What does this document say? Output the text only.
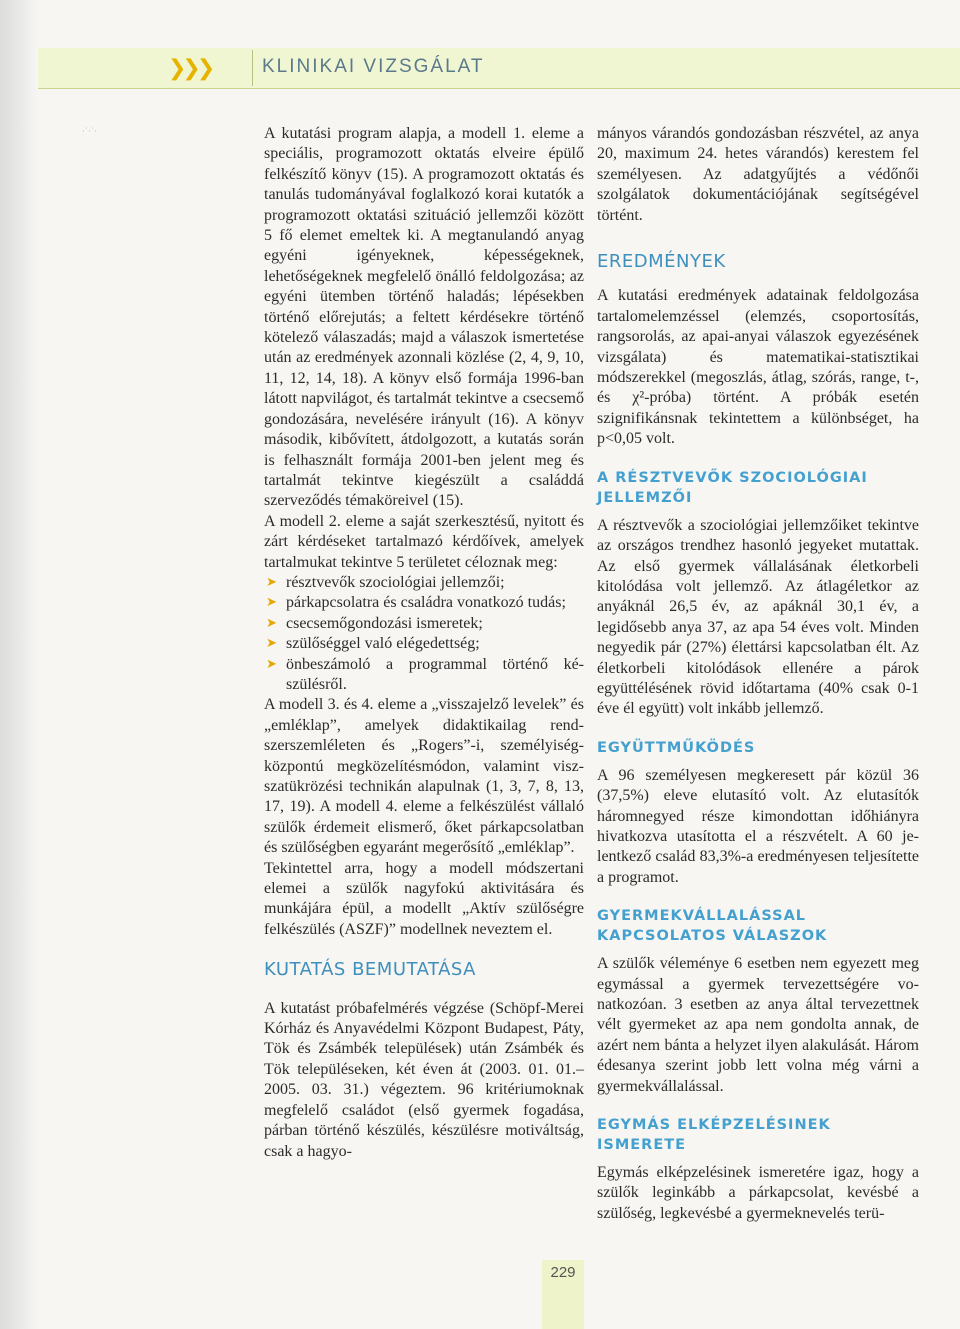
·˙·˙·
❯❯❯	KLINIKAI VIZSGÁLAT

A kutatási program alapja, a modell 1. eleme a speciális, programozott oktatás elveire épülő felkészítő könyv (15). A programozott oktatás és tanulás tudományával foglalkozó korai kutatók a programozott oktatási szituáció jellemzői között 5 fő elemet emeltek ki. A megtanulandó anyag egyéni igényeknek, képességeknek, lehetőségeknek megfelelő önálló feldolgozása; az egyéni ütemben történő haladás; lépésekben történő előrejutás; a feltett kérdésekre történő kötelező válaszadás; majd a válaszok ismertetése után az eredmények azonnali közlése (2, 4, 9, 10, 11, 12, 14, 18). A könyv első formája 1996-ban látott napvilágot, és tartalmát tekintve a csecsemő gondozására, nevelésére irányult (16). A könyv második, kibővített, átdolgozott, a kutatás során is felhasznált formája 2001-ben jelent meg és tartalmát tekintve kiegészült a családdá szerveződés témaköreivel (15).

A modell 2. eleme a saját szerkesztésű, nyitott és zárt kérdéseket tartalmazó kérdőívek, amelyek tartalmukat tekintve 5 területet céloznak meg:

➤ résztvevők szociológiai jellemzői;
➤ párkapcsolatra és családra vonatkozó tudás;
➤ csecsemőgondozási ismeretek;
➤ szülőséggel való elégedettség;
➤ önbeszámoló a programmal történő készülésről.

A modell 3. és 4. eleme a „visszajelző levelek” és „emléklap”, amelyek didaktikailag rendszerszemléleten és „Rogers”-i, személyiségközpontú megközelítésmódon, valamint viszszatükrözési technikán alapulnak (1, 3, 7, 8, 13, 17, 19). A modell 4. eleme a felkészülést vállaló szülők érdemeit elismerő, őket párkapcsolatban és szülőségben egyaránt megerősítő „emléklap”.

Tekintettel arra, hogy a modell módszertani elemei a szülők nagyfokú aktivitására és munkájára épül, a modellt „Aktív szülőségre felkészülés (ASZF)” modellnek neveztem el.

KUTATÁS BEMUTATÁSA

A kutatást próbafelmérés végzése (Schöpf-Merei Kórház és Anyavédelmi Központ Budapest, Páty, Tök és Zsámbék települések) után Zsámbék és Tök településeken, két éven át (2003. 01. 01.–2005. 03. 31.) végeztem. 96 kritériumoknak megfelelő családot (első gyermek fogadása, párban történő készülés, készülésre motiváltság, csak a hagyo-

mányos várandós gondozásban részvétel, az anya 20, maximum 24. hetes várandós) kerestem fel személyesen. Az adatgyűjtés a védőnői szolgálatok dokumentációjának segítségével történt.

EREDMÉNYEK

A kutatási eredmények adatainak feldolgozása tartalomelemzéssel (elemzés, csoportosítás, rangsorolás, az apai-anyai válaszok egyezésének vizsgálata) és matematikai-statisztikai módszerekkel (megoszlás, átlag, szórás, range, t-, és χ²-próba) történt. A próbák esetén szignifikánsnak tekintettem a különbséget, ha p<0,05 volt.

A RÉSZTVEVŐK SZOCIOLÓGIAI JELLEMZŐI

A résztvevők a szociológiai jellemzőiket tekintve az országos trendhez hasonló jegyeket mutattak. Az első gyermek vállalásának életkorbeli kitolódása volt jellemző. Az átlagéletkor az anyáknál 26,5 év, az apáknál 30,1 év, a legidősebb anya 37, az apa 54 éves volt. Minden negyedik pár (27%) élettársi kapcsolatban élt. Az életkorbeli kitolódások ellenére a párok együttélésének rövid időtartama (40% csak 0-1 éve él együtt) volt inkább jellemző.

EGYÜTTMŰKÖDÉS

A 96 személyesen megkeresett pár közül 36 (37,5%) eleve elutasító volt. Az elutasítók háromnegyed része kimondottan időhiányra hivatkozva utasította el a részvételt. A 60 jelentkező család 83,3%-a eredményesen teljesítette a programot.

GYERMEKVÁLLALÁSSAL KAPCSOLATOS VÁLASZOK

A szülők véleménye 6 esetben nem egyezett meg egymással a gyermek tervezettségére vonatkozóan. 3 esetben az anya által tervezettnek vélt gyermeket az apa nem gondolta annak, de azért nem bánta a helyzet ilyen alakulását. Három édesanya szerint jobb lett volna még várni a gyermekvállalással.

EGYMÁS ELKÉPZELÉSINEK ISMERETE

Egymás elképzelésinek ismeretére igaz, hogy a szülők leginkább a párkapcsolat, kevésbé a szülőség, legkevésbé a gyermeknevelés terü-

229
